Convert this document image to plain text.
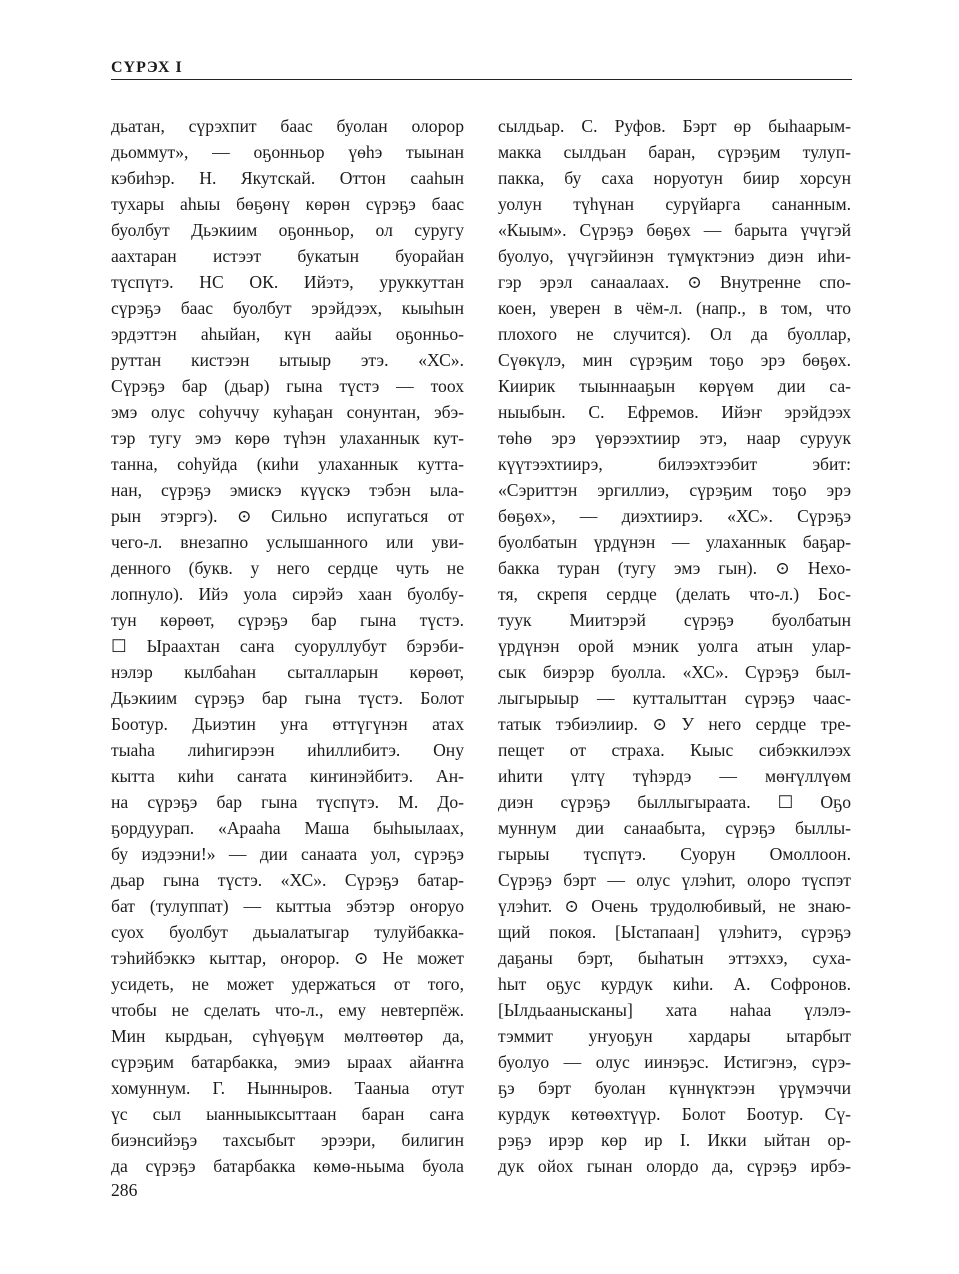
СҮРЭХ I
дьатан, сүрэхпит баас буолан олорор
дьоммут», — оҕонньор үөһэ тыынан
кэбиһэр. Н. Якутскай. Оттон сааһын
тухары аһыы бөҕөнү көрөн сүрэҕэ баас
буолбут Дьэкиим оҕонньор, ол суругу
аахтаран истээт букатын буорайан
түспүтэ. НС ОК. Ийэтэ, уруккуттан
сүрэҕэ баас буолбут эрэйдээх, кыыһын
эрдэттэн аһыйан, күн аайы оҕонньо-
руттан кистээн ытыыр этэ. «ХС».
Сүрэҕэ бар (дьар) гына түстэ — тоох
эмэ олус соһуччу куһаҕан сонунтан, эбэ-
тэр тугу эмэ көрө түһэн улаханнык кут-
танна, соһуйда (киһи улаханнык кутта-
нан, сүрэҕэ эмискэ күүскэ тэбэн ыла-
рын этэргэ). ⊙ Сильно испугаться от
чего-л. внезапно услышанного или уви-
денного (букв. у него сердце чуть не
лопнуло). Ийэ уола сирэйэ хаан буолбу-
тун көрөөт, сүрэҕэ бар гына түстэ.
☐ Ыраахтан саҥа суоруллубут бэрэби-
нэлэр кылбаһан сыталларын көрөөт,
Дьэкиим сүрэҕэ бар гына түстэ. Болот
Боотур. Дьиэтин уҥа өттүгүнэн атах
тыаһа лиһигирээн иһиллибитэ. Ону
кытта киһи саҥата киҥинэйбитэ. Ан-
на сүрэҕэ бар гына түспүтэ. М. До-
ҕордуурап. «Арааһа Маша быһыылаах,
бу иэдээни!» — дии санаата уол, сүрэҕэ
дьар гына түстэ. «ХС». Сүрэҕэ батар-
бат (тулуппат) — кыттыа эбэтэр оҥоруо
суох буолбут дьыалатыгар тулуйбакка-
тэһийбэккэ кыттар, оҥорор. ⊙ Не может
усидеть, не может удержаться от того,
чтобы не сделать что-л., ему невтерпёж.
Мин кырдьан, сүһүөҕүм мөлтөөтөр да,
сүрэҕим батарбакка, эмиэ ыраах айаҥҥа
хомуннум. Г. Нынныров. Тааныа отут
үс сыл ыанныыксыттаан баран саҥа
биэнсийэҕэ тахсыбыт эрээри, билигин
да сүрэҕэ батарбакка көмө-ньыма буола
сылдьар. С. Руфов. Бэрт өр быһаарым-
макка сылдьан баран, сүрэҕим тулуп-
пакка, бу саха норуотун биир хорсун
уолун түһүнан сурүйарга сананным.
«Кыым». Сүрэҕэ бөҕөх — барыта үчүгэй
буолуо, үчүгэйинэн түмүктэниэ диэн иһи-
гэр эрэл санаалаах. ⊙ Внутренне спо-
коен, уверен в чём-л. (напр., в том, что
плохого не случится). Ол да буоллар,
Сүөкүлэ, мин сүрэҕим тоҕо эрэ бөҕөх.
Киирик тыыннааҕын көрүөм дии са-
ныыбын. С. Ефремов. Ийэҥ эрэйдээх
төһө эрэ үөрээхтиир этэ, наар суруук
күүтээхтиирэ, билээхтээбит эбит:
«Сэриттэн эргиллиэ, сүрэҕим тоҕо эрэ
бөҕөх», — диэхтиирэ. «ХС». Сүрэҕэ
буолбатын үрдүнэн — улаханнык баҕар-
бакка туран (тугу эмэ гын). ⊙ Нехо-
тя, скрепя сердце (делать что-л.) Бос-
туук Миитэрэй сүрэҕэ буолбатын
үрдүнэн орой мэник уолга атын улар-
сык биэрэр буолла. «ХС». Сүрэҕэ был-
лыгырыыр — кутталыттан сүрэҕэ чаас-
татык тэбиэлиир. ⊙ У него сердце тре-
пещет от страха. Кыыс сибэккилээх
иһити үлтү түһэрдэ — мөҥүллүөм
диэн сүрэҕэ быллыгыраата. ☐ Оҕо
муннум дии санаабыта, сүрэҕэ быллы-
гырыы түспүтэ. Суорун Омоллоон.
Сүрэҕэ бэрт — олус үлэһит, олоро түспэт
үлэһит. ⊙ Очень трудолюбивый, не знаю-
щий покоя. [Ыстапаан] үлэһитэ, сүрэҕэ
даҕаны бэрт, быһатын эттэххэ, суха-
һыт оҕус курдук киһи. А. Софронов.
[Ылдьаанысканы] хата наһаа үлэлэ-
тэммит уҥуоҕун хардары ытарбыт
буолуо — олус иинэҕэс. Истигэнэ, сүрэ-
ҕэ бэрт буолан күннүктээн үрүмэччи
курдук көтөөхтүүр. Болот Боотур. Сү-
рэҕэ ирэр көр ир I. Икки ыйтан ор-
дук ойох гынан олордо да, сүрэҕэ ирбэ-
286
